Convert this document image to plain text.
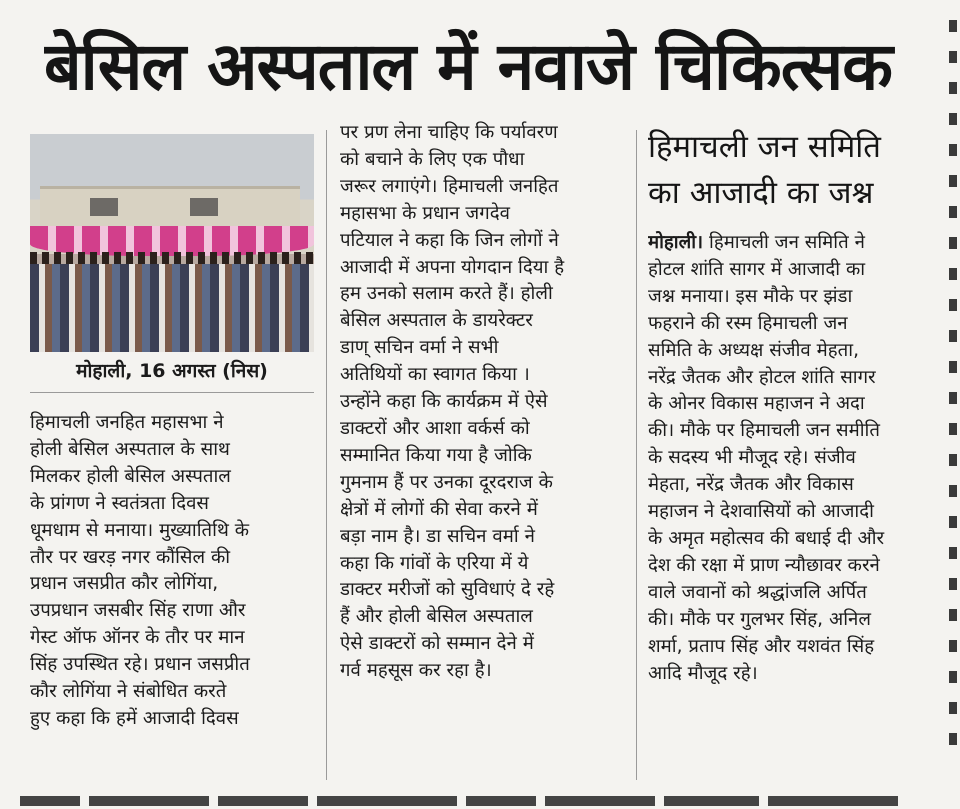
बेसिल अस्पताल में नवाजे चिकित्सक
मोहाली, 16 अगस्त (निस)
हिमाचली जनहित महासभा ने
होली बेसिल अस्पताल के साथ
मिलकर होली बेसिल अस्पताल
के प्रांगण ने स्वतंत्रता दिवस
धूमधाम से मनाया। मुख्यातिथि के
तौर पर खरड़ नगर कौंसिल की
प्रधान जसप्रीत कौर लोगिंया,
उपप्रधान जसबीर सिंह राणा और
गेस्ट ऑफ ऑनर के तौर पर मान
सिंह उपस्थित रहे। प्रधान जसप्रीत
कौर लोगिंया ने संबोधित करते
हुए कहा कि हमें आजादी दिवस
पर प्रण लेना चाहिए कि पर्यावरण
को बचाने के लिए एक पौधा
जरूर लगाएंगे। हिमाचली जनहित
महासभा के प्रधान जगदेव
पटियाल ने कहा कि जिन लोगों ने
आजादी में अपना योगदान दिया है
हम उनको सलाम करते हैं। होली
बेसिल अस्पताल के डायरेक्टर
डाण् सचिन वर्मा ने सभी
अतिथियों का स्वागत किया ।
उन्होंने कहा कि कार्यक्रम में ऐसे
डाक्टरों और आशा वर्कर्स को
सम्मानित किया गया है जोकि
गुमनाम हैं पर उनका दूरदराज के
क्षेत्रों में लोगों की सेवा करने में
बड़ा नाम है। डा सचिन वर्मा ने
कहा कि गांवों के एरिया में ये
डाक्टर मरीजों को सुविधाएं दे रहे
हैं और होली बेसिल अस्पताल
ऐसे डाक्टरों को सम्मान देने में
गर्व महसूस कर रहा है।
हिमाचली जन समिति
का आजादी का जश्न
मोहाली। हिमाचली जन समिति ने
होटल शांति सागर में आजादी का
जश्न मनाया। इस मौके पर झंडा
फहराने की रस्म हिमाचली जन
समिति के अध्यक्ष संजीव मेहता,
नरेंद्र जैतक और होटल शांति सागर
के ओनर विकास महाजन ने अदा
की। मौके पर हिमाचली जन समीति
के सदस्य भी मौजूद रहे। संजीव
मेहता, नरेंद्र जैतक और विकास
महाजन ने देशवासियों को आजादी
के अमृत महोत्सव की बधाई दी और
देश की रक्षा में प्राण न्यौछावर करने
वाले जवानों को श्रद्धांजलि अर्पित
की। मौके पर गुलभर सिंह, अनिल
शर्मा, प्रताप सिंह और यशवंत सिंह
आदि मौजूद रहे।
